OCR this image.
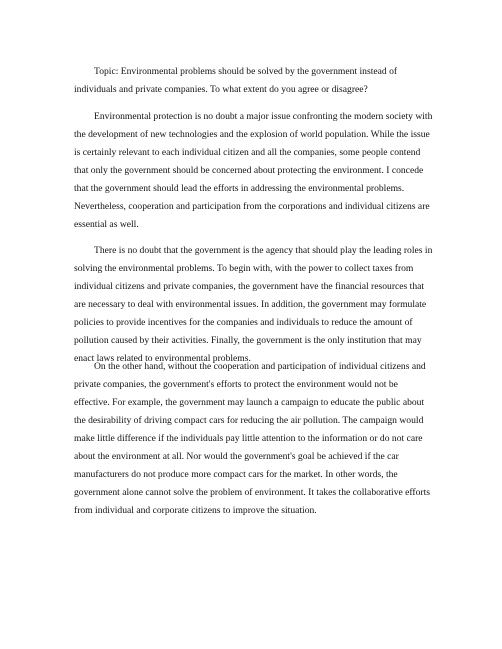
Topic: Environmental problems should be solved by the government instead of individuals and private companies. To what extent do you agree or disagree?

Environmental protection is no doubt a major issue confronting the modern society with the development of new technologies and the explosion of world population. While the issue is certainly relevant to each individual citizen and all the companies, some people contend that only the government should be concerned about protecting the environment. I concede that the government should lead the efforts in addressing the environmental problems. Nevertheless, cooperation and participation from the corporations and individual citizens are essential as well.

There is no doubt that the government is the agency that should play the leading roles in solving the environmental problems. To begin with, with the power to collect taxes from individual citizens and private companies, the government have the financial resources that are necessary to deal with environmental issues. In addition, the government may formulate policies to provide incentives for the companies and individuals to reduce the amount of pollution caused by their activities. Finally, the government is the only institution that may enact laws related to environmental problems.

On the other hand, without the cooperation and participation of individual citizens and private companies, the government's efforts to protect the environment would not be effective. For example, the government may launch a campaign to educate the public about the desirability of driving compact cars for reducing the air pollution. The campaign would make little difference if the individuals pay little attention to the information or do not care about the environment at all. Nor would the government's goal be achieved if the car manufacturers do not produce more compact cars for the market. In other words, the government alone cannot solve the problem of environment. It takes the collaborative efforts from individual and corporate citizens to improve the situation.
